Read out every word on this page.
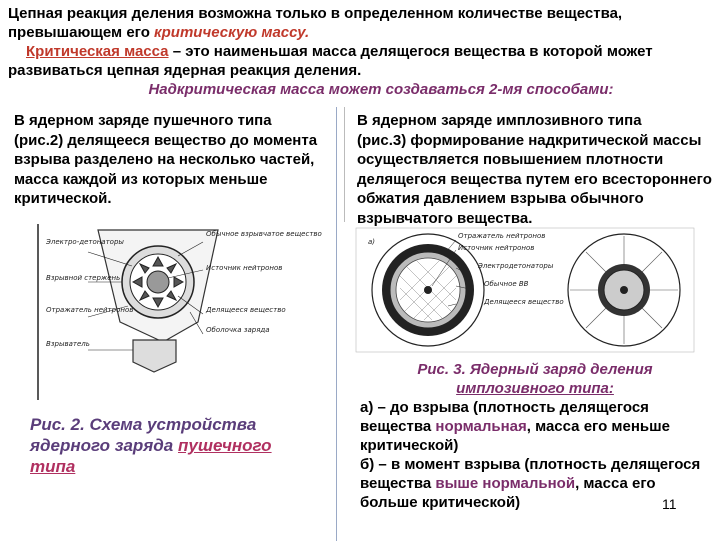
Цепная реакция деления возможна только в определенном количестве вещества,

превышающем его критическую массу.

Критическая масса – это наименьшая масса делящегося вещества в которой может

развиваться цепная ядерная реакция деления.

Надкритическая масса может создаваться 2-мя способами:

В ядерном заряде пушечного типа
(рис.2) делящееся вещество до момента взрыва разделено на несколько частей, масса каждой из которых меньше критической.
В ядерном заряде имплозивного типа
(рис.3) формирование надкритической массы осуществляется повышением плотности делящегося вещества путем его всестороннего обжатия давлением взрыва обычного взрывчатого вещества.
Электро-детонаторы
Взрывной стержень
Отражатель нейтронов
Взрыватель
Обычное взрывчатое вещество
Источник нейтронов
Делящееся вещество
Оболочка заряда
Рис. 2. Схема устройства ядерного заряда пушечного типа
а)
Отражатель нейтронов
Источник нейтронов
Электродетонаторы
Обычное ВВ
Делящееся вещество
Рис. 3. Ядерный заряд деления
имплозивного типа:
а) – до взрыва (плотность делящегося вещества нормальная, масса его меньше критической)
б) – в момент взрыва (плотность делящегося вещества выше нормальной, масса его больше критической)	11
